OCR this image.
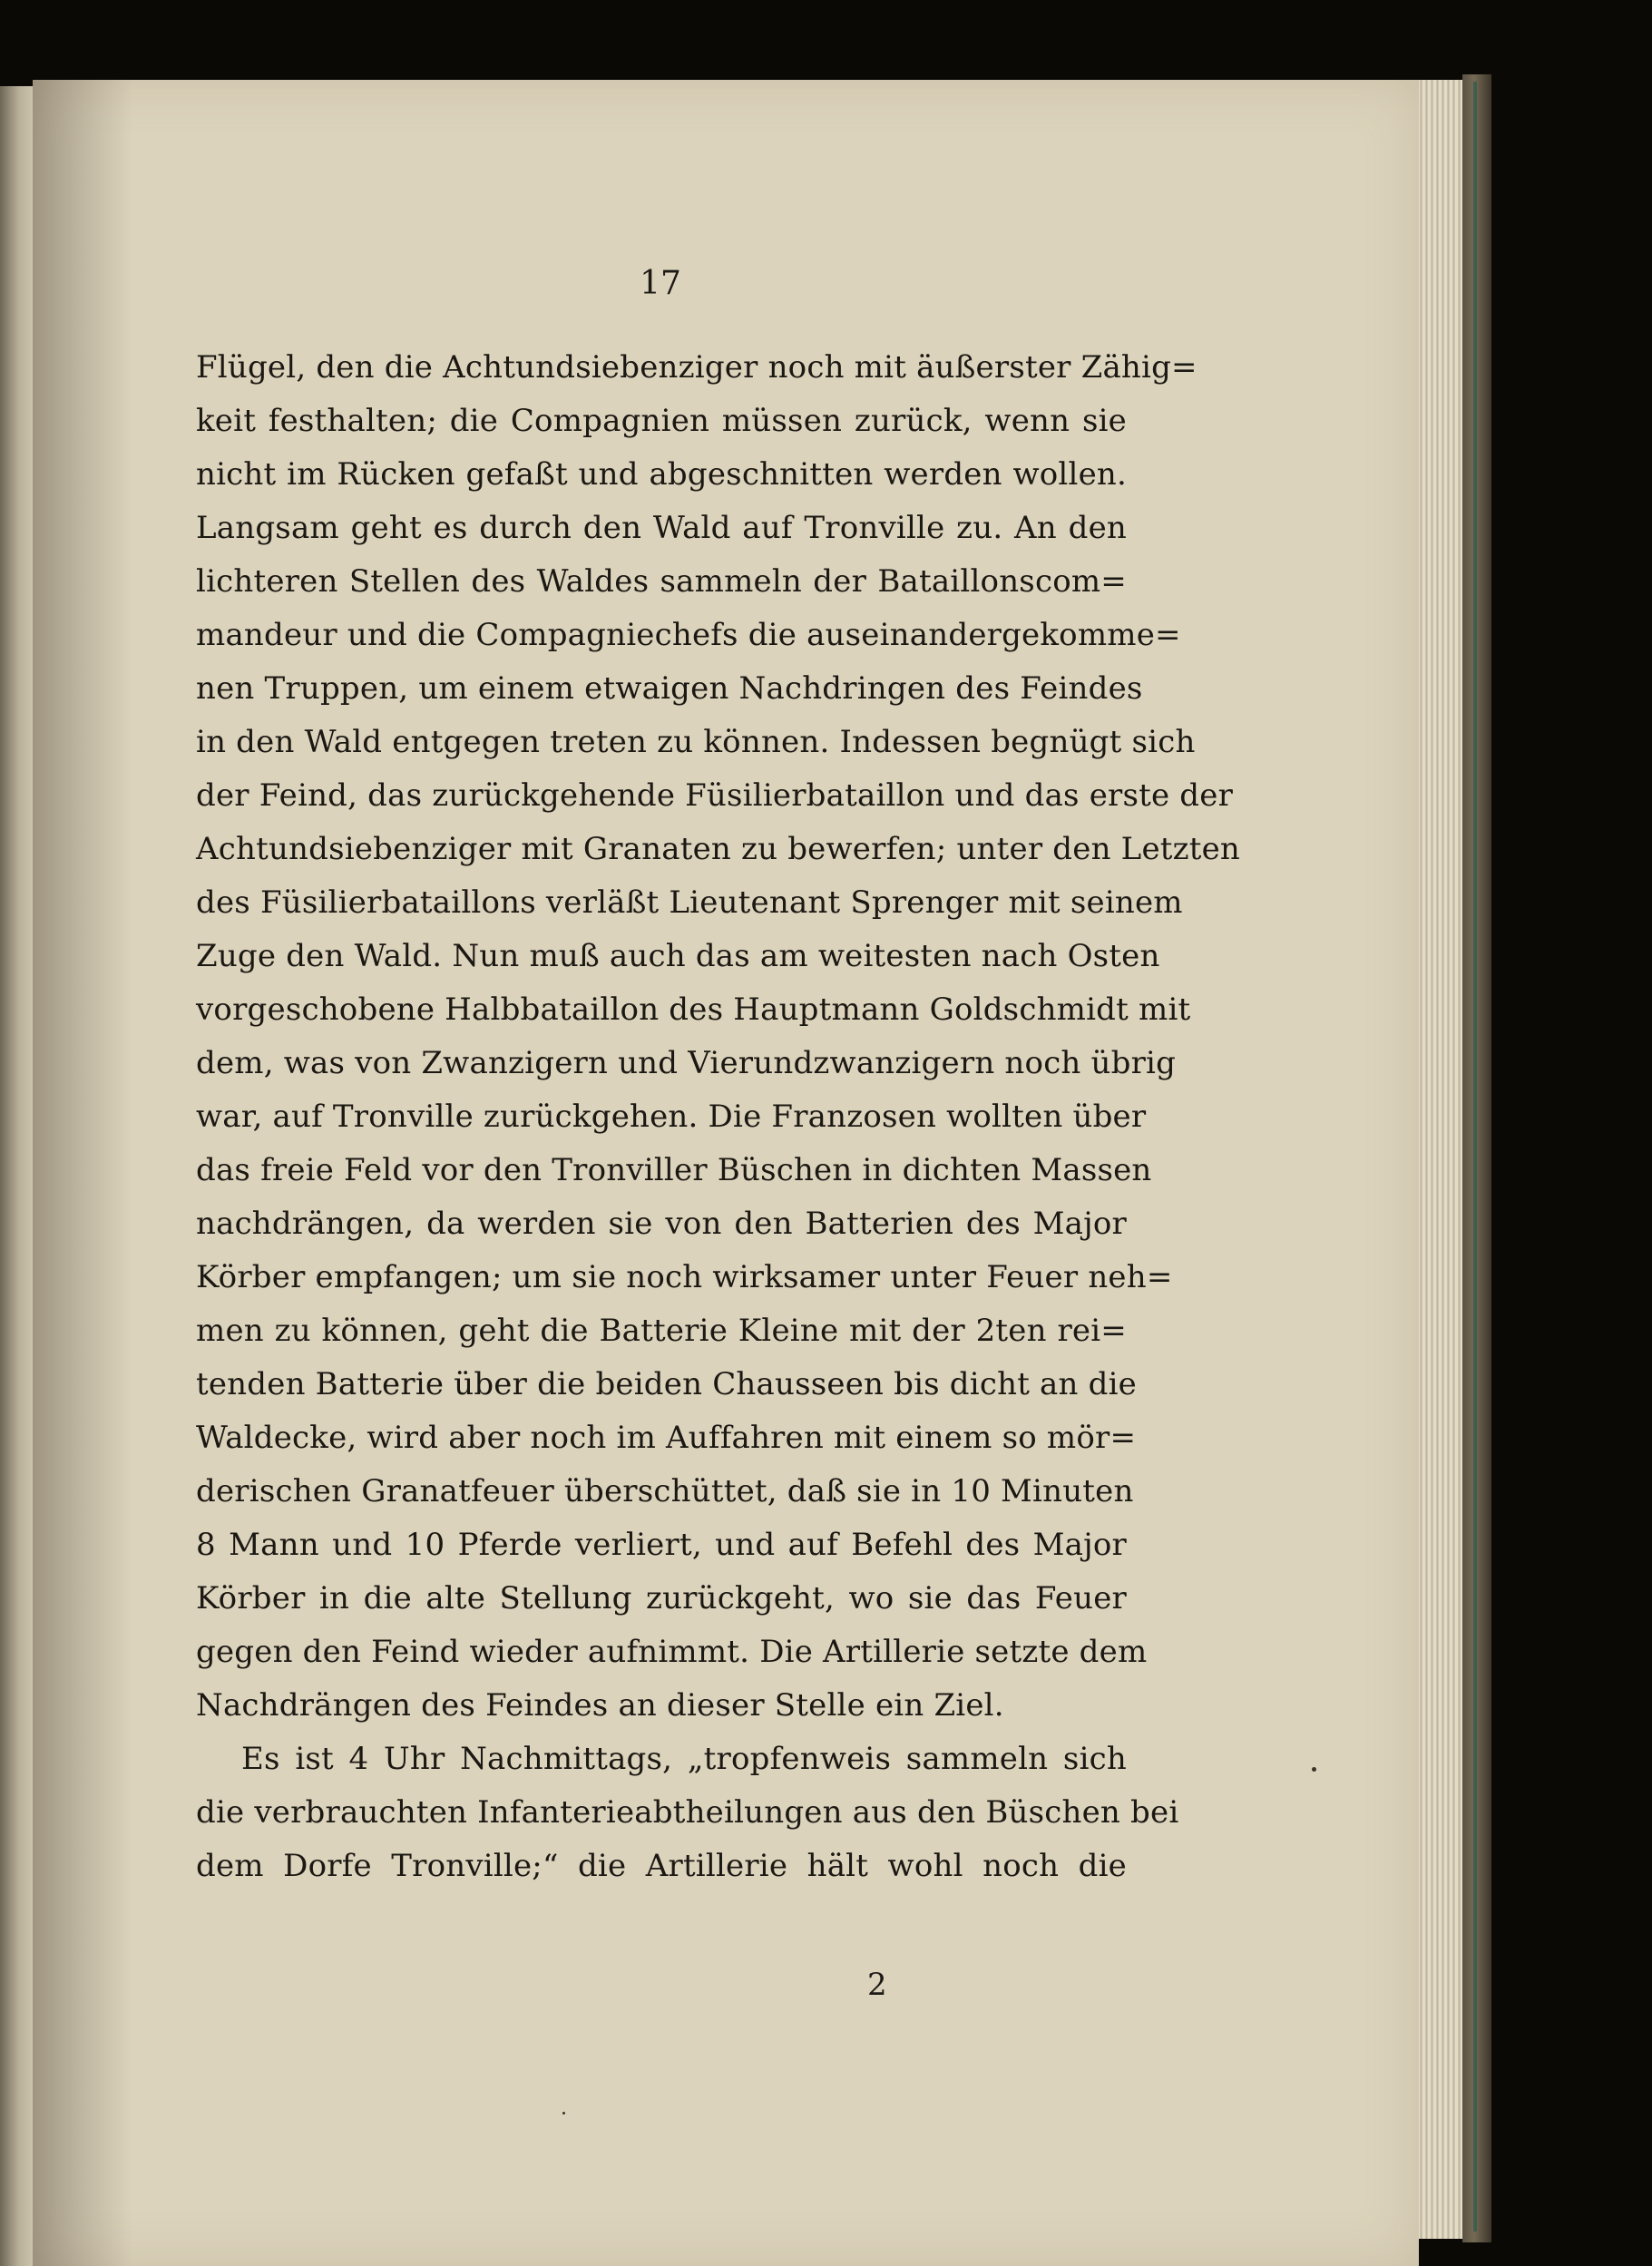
17
Flügel, den die Achtundsiebenziger noch mit äußerster Zähig=
keit festhalten; die Compagnien müssen zurück, wenn sie
nicht im Rücken gefaßt und abgeschnitten werden wollen.
Langsam geht es durch den Wald auf Tronville zu. An den
lichteren Stellen des Waldes sammeln der Bataillonscom=
mandeur und die Compagniechefs die auseinandergekomme=
nen Truppen, um einem etwaigen Nachdringen des Feindes
in den Wald entgegen treten zu können. Indessen begnügt sich
der Feind, das zurückgehende Füsilierbataillon und das erste der
Achtundsiebenziger mit Granaten zu bewerfen; unter den Letzten
des Füsilierbataillons verläßt Lieutenant Sprenger mit seinem
Zuge den Wald. Nun muß auch das am weitesten nach Osten
vorgeschobene Halbbataillon des Hauptmann Goldschmidt mit
dem, was von Zwanzigern und Vierundzwanzigern noch übrig
war, auf Tronville zurückgehen. Die Franzosen wollten über
das freie Feld vor den Tronviller Büschen in dichten Massen
nachdrängen, da werden sie von den Batterien des Major
Körber empfangen; um sie noch wirksamer unter Feuer neh=
men zu können, geht die Batterie Kleine mit der 2ten rei=
tenden Batterie über die beiden Chausseen bis dicht an die
Waldecke, wird aber noch im Auffahren mit einem so mör=
derischen Granatfeuer überschüttet, daß sie in 10 Minuten
8 Mann und 10 Pferde verliert, und auf Befehl des Major
Körber in die alte Stellung zurückgeht, wo sie das Feuer
gegen den Feind wieder aufnimmt. Die Artillerie setzte dem
Nachdrängen des Feindes an dieser Stelle ein Ziel.
Es ist 4 Uhr Nachmittags, „tropfenweis sammeln sich
die verbrauchten Infanterieabtheilungen aus den Büschen bei
dem Dorfe Tronville;“ die Artillerie hält wohl noch die
2
